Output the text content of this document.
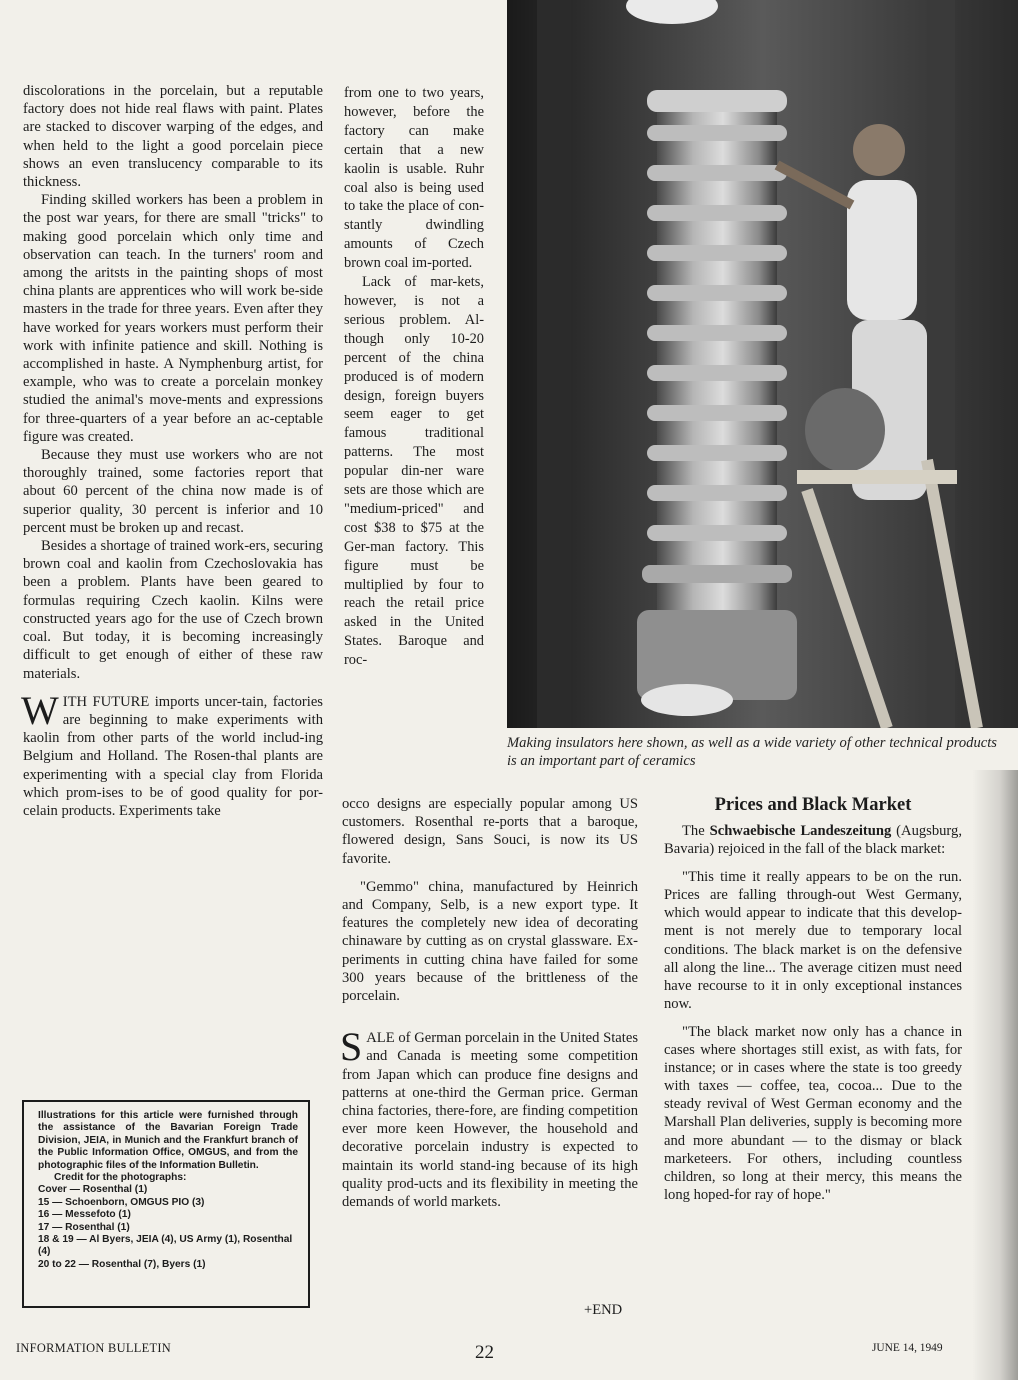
discolorations in the porcelain, but a reputable factory does not hide real flaws with paint. Plates are stacked to discover warping of the edges, and when held to the light a good porcelain piece shows an even translucency comparable to its thickness.

Finding skilled workers has been a problem in the post war years, for there are small "tricks" to making good porcelain which only time and observation can teach. In the turners' room and among the aritsts in the painting shops of most china plants are apprentices who will work be-side masters in the trade for three years. Even after they have worked for years workers must perform their work with infinite patience and skill. Nothing is accomplished in haste. A Nymphenburg artist, for example, who was to create a porcelain monkey studied the animal's move-ments and expressions for three-quarters of a year before an ac-ceptable figure was created.

Because they must use workers who are not thoroughly trained, some factories report that about 60 percent of the china now made is of superior quality, 30 percent is inferior and 10 percent must be broken up and recast.

Besides a shortage of trained work-ers, securing brown coal and kaolin from Czechoslovakia has been a problem. Plants have been geared to formulas requiring Czech kaolin. Kilns were constructed years ago for the use of Czech brown coal. But today, it is becoming increasingly difficult to get enough of either of these raw materials.

WITH FUTURE imports uncer-tain, factories are beginning to make experiments with kaolin from other parts of the world includ-ing Belgium and Holland. The Rosen-thal plants are experimenting with a special clay from Florida which prom-ises to be of good quality for por-celain products. Experiments take

Illustrations for this article were furnished through the assistance of the Bavarian Foreign Trade Division, JEIA, in Munich and the Frankfurt branch of the Public Information Office, OMGUS, and from the photographic files of the Information Bulletin.
Credit for the photographs:

Cover — Rosenthal (1)

15 — Schoenborn, OMGUS PIO (3)

16 — Messefoto (1)

17 — Rosenthal (1)

18 & 19 — Al Byers, JEIA (4), US Army (1), Rosenthal (4)

20 to 22 — Rosenthal (7), Byers (1)

from one to two years, however, before the factory can make certain that a new kaolin is usable. Ruhr coal also is being used to take the place of con-stantly dwindling amounts of Czech brown coal im-ported.

Lack of mar-kets, however, is not a serious problem. Al-though only 10-20 percent of the china produced is of modern design, foreign buyers seem eager to get famous traditional patterns. The most popular din-ner ware sets are those which are "medium-priced" and cost $38 to $75 at the Ger-man factory. This figure must be multiplied by four to reach the retail price asked in the United States. Baroque and roc-

Making insulators here shown, as well as a wide variety of other technical products is an important part of ceramics

occo designs are especially popular among US customers. Rosenthal re-ports that a baroque, flowered design, Sans Souci, is now its US favorite.

"Gemmo" china, manufactured by Heinrich and Company, Selb, is a new export type. It features the completely new idea of decorating chinaware by cutting as on crystal glassware. Ex-periments in cutting china have failed for some 300 years because of the brittleness of the porcelain.

SALE of German porcelain in the United States and Canada is meeting some competition from Japan which can produce fine designs and patterns at one-third the German price. German china factories, there-fore, are finding competition ever more keen However, the household and decorative porcelain industry is expected to maintain its world stand-ing because of its high quality prod-ucts and its flexibility in meeting the demands of world markets.

+END
Prices and Black Market

The Schwaebische Landeszeitung (Augsburg, Bavaria) rejoiced in the fall of the black market:

"This time it really appears to be on the run. Prices are falling through-out West Germany, which would appear to indicate that this develop-ment is not merely due to temporary local conditions. The black market is on the defensive all along the line... The average citizen must need have recourse to it in only exceptional instances now.

"The black market now only has a chance in cases where shortages still exist, as with fats, for instance; or in cases where the state is too greedy with taxes — coffee, tea, cocoa... Due to the steady revival of West German economy and the Marshall Plan deliveries, supply is becoming more and more abundant — to the dismay or black marketeers. For others, including countless children, so long at their mercy, this means the long hoped-for ray of hope."

INFORMATION BULLETIN	22	JUNE 14, 1949
